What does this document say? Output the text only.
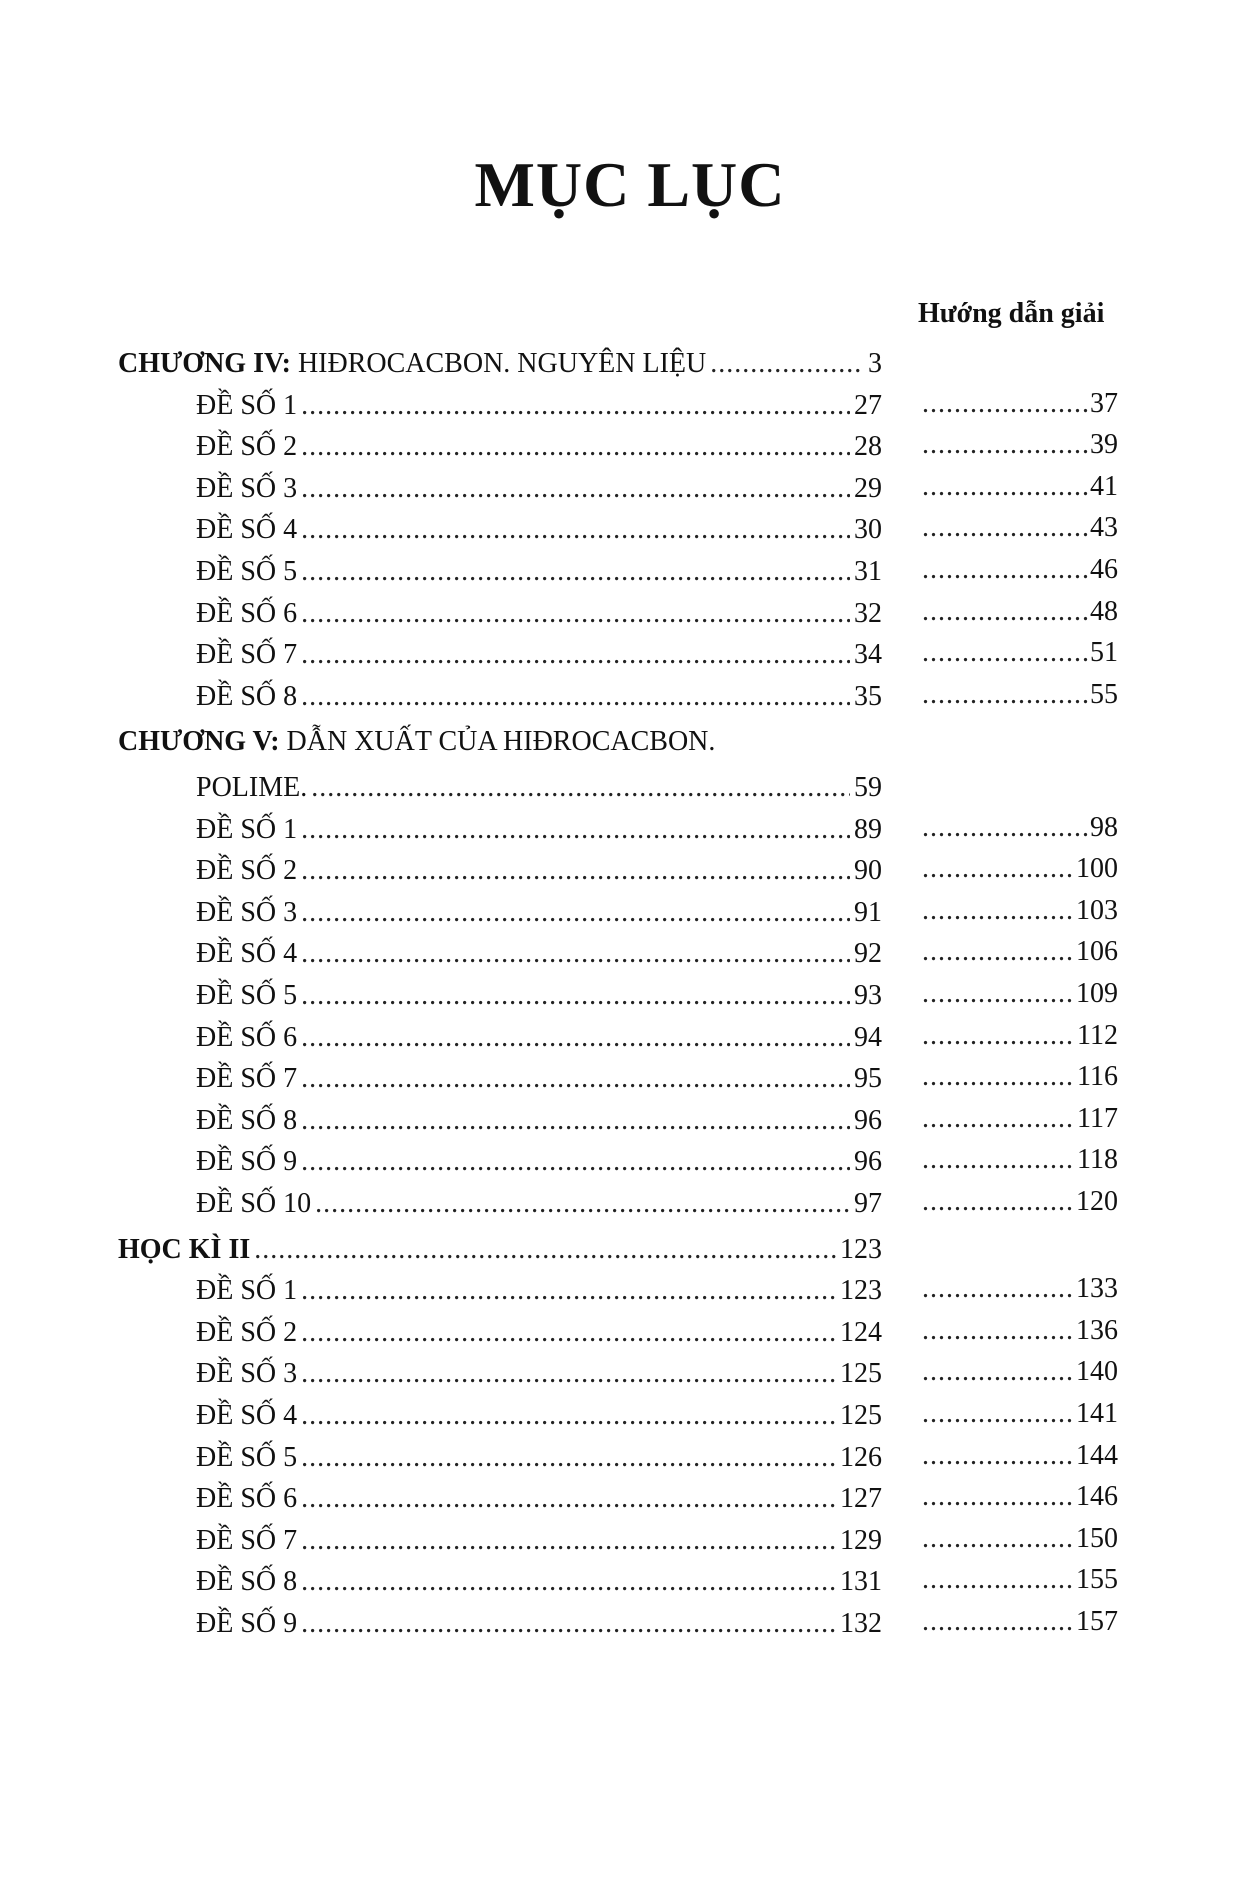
MỤC LỤC
Hướng dẫn giải
CHƯƠNG IV: HIĐROCACBON. NGUYÊN LIỆU .....	3
ĐỀ SỐ 1 .....	27 .....	37
ĐỀ SỐ 2 .....	28 .....	39
ĐỀ SỐ 3 .....	29 .....	41
ĐỀ SỐ 4 .....	30 .....	43
ĐỀ SỐ 5 .....	31 .....	46
ĐỀ SỐ 6 .....	32 .....	48
ĐỀ SỐ 7 .....	34 .....	51
ĐỀ SỐ 8 .....	35 .....	55
CHƯƠNG V: DẪN XUẤT CỦA HIĐROCACBON.
POLIME. .....	59
ĐỀ SỐ 1 .....	89 .....	98
ĐỀ SỐ 2 .....	90 .....	100
ĐỀ SỐ 3 .....	91 .....	103
ĐỀ SỐ 4 .....	92 .....	106
ĐỀ SỐ 5 .....	93 .....	109
ĐỀ SỐ 6 .....	94 .....	112
ĐỀ SỐ 7 .....	95 .....	116
ĐỀ SỐ 8 .....	96 .....	117
ĐỀ SỐ 9 .....	96 .....	118
ĐỀ SỐ 10 .....	97 .....	120
HỌC KÌ II .....	123
ĐỀ SỐ 1 .....	123 .....	133
ĐỀ SỐ 2 .....	124 .....	136
ĐỀ SỐ 3 .....	125 .....	140
ĐỀ SỐ 4 .....	125 .....	141
ĐỀ SỐ 5 .....	126 .....	144
ĐỀ SỐ 6 .....	127 .....	146
ĐỀ SỐ 7 .....	129 .....	150
ĐỀ SỐ 8 .....	131 .....	155
ĐỀ SỐ 9 .....	132 .....	157
